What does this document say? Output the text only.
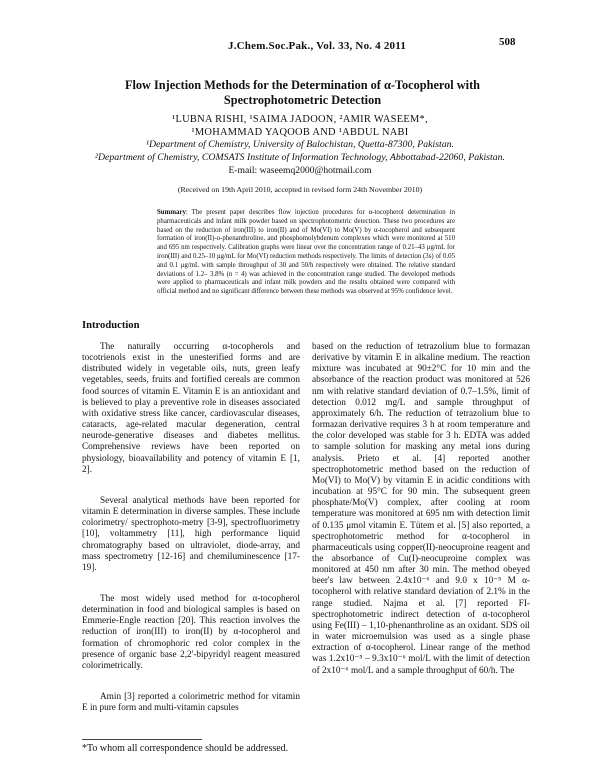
J.Chem.Soc.Pak., Vol. 33, No. 4 2011	508
Flow Injection Methods for the Determination of α-Tocopherol with Spectrophotometric Detection
¹LUBNA RISHI, ¹SAIMA JADOON, ²AMIR WASEEM*,
¹MOHAMMAD YAQOOB AND ¹ABDUL NABI
¹Department of Chemistry, University of Balochistan, Quetta-87300, Pakistan.
²Department of Chemistry, COMSATS Institute of Information Technology, Abbottabad-22060, Pakistan.
E-mail: waseemq2000@hotmail.com
(Received on 19th April 2010, accepted in revised form 24th November 2010)
Summary: The present paper describes flow injection procedures for α-tocopherol determination in pharmaceuticals and infant milk powder based on spectrophotometric detection. These two procedures are based on the reduction of iron(III) to iron(II) and of Mo(VI) to Mo(V) by α-tocopherol and subsequent formation of iron(II)-o-phenanthroline, and phosphomolybdenum complexes which were monitored at 510 and 695 nm respectively. Calibration graphs were linear over the concentration range of 0.21–43 μg/mL for iron(III) and 0.25–10 μg/mL for Mo(VI) reduction methods respectively. The limits of detection (3s) of 0.05 and 0.1 μg/mL with sample throughput of 30 and 50/h respectively were obtained. The relative standard deviations of 1.2– 3.8% (n = 4) was achieved in the concentration range studied. The developed methods were applied to pharmaceuticals and infant milk powders and the results obtained were compared with official method and no significant difference between these methods was observed at 95% confidence level.
Introduction

The naturally occurring α-tocopherols and tocotrienols exist in the unesterified forms and are distributed widely in vegetable oils, nuts, green leafy vegetables, seeds, fruits and fortified cereals are common food sources of vitamin E. Vitamin E is an antioxidant and is believed to play a preventive role in diseases associated with oxidative stress like cancer, cardiovascular diseases, cataracts, age-related macular degeneration, central neurode-generative diseases and diabetes mellitus. Comprehensive reviews have been reported on physiology, bioavailability and potency of vitamin E [1, 2].

Several analytical methods have been reported for vitamin E determination in diverse samples. These include colorimetry/ spectrophoto-metry [3-9], spectrofluorimetry [10], voltammetry [11], high performance liquid chromatography based on ultraviolet, diode-array, and mass spectrometry [12-16] and chemiluminescence [17-19].

The most widely used method for α-tocopherol determination in food and biological samples is based on Emmerie-Engle reaction [20]. This reaction involves the reduction of iron(III) to iron(II) by α-tocopherol and formation of chromophoric red color complex in the presence of organic base 2,2'-bipyridyl reagent measured colorimetrically.

Amin [3] reported a colorimetric method for vitamin E in pure form and multi-vitamin capsules

based on the reduction of tetrazolium blue to formazan derivative by vitamin E in alkaline medium. The reaction mixture was incubated at 90±2°C for 10 min and the absorbance of the reaction product was monitored at 526 nm with relative standard deviation of 0.7–1.5%, limit of detection 0.012 mg/L and sample throughput of approximately 6/h. The reduction of tetrazolium blue to formazan derivative requires 3 h at room temperature and the color developed was stable for 3 h. EDTA was added to sample solution for masking any metal ions during analysis. Prieto et al. [4] reported another spectrophotometric method based on the reduction of Mo(VI) to Mo(V) by vitamin E in acidic conditions with incubation at 95°C for 90 min. The subsequent green phosphate/Mo(V) complex, after cooling at room temperature was monitored at 695 nm with detection limit of 0.135 μmol vitamin E. Tütem et al. [5] also reported, a spectrophotometric method for α-tocopherol in pharmaceuticals using copper(II)-neocuproine reagent and the absorbance of Cu(I)-neocuproine complex was monitored at 450 nm after 30 min. The method obeyed beer's law between 2.4x10⁻⁶ and 9.0 x 10⁻⁵ M α-tocopherol with relative standard deviation of 2.1% in the range studied. Najma et al. [7] reported FI-spectrophotometric indirect detection of α-tocopherol using Fe(III) – 1,10-phenanthroline as an oxidant. SDS oil in water microemulsion was used as a single phase extraction of α-tocopherol. Linear range of the method was 1.2x10⁻⁵ – 9.3x10⁻⁶ mol/L with the limit of detection of 2x10⁻⁶ mol/L and a sample throughput of 60/h. The

*To whom all correspondence should be addressed.
